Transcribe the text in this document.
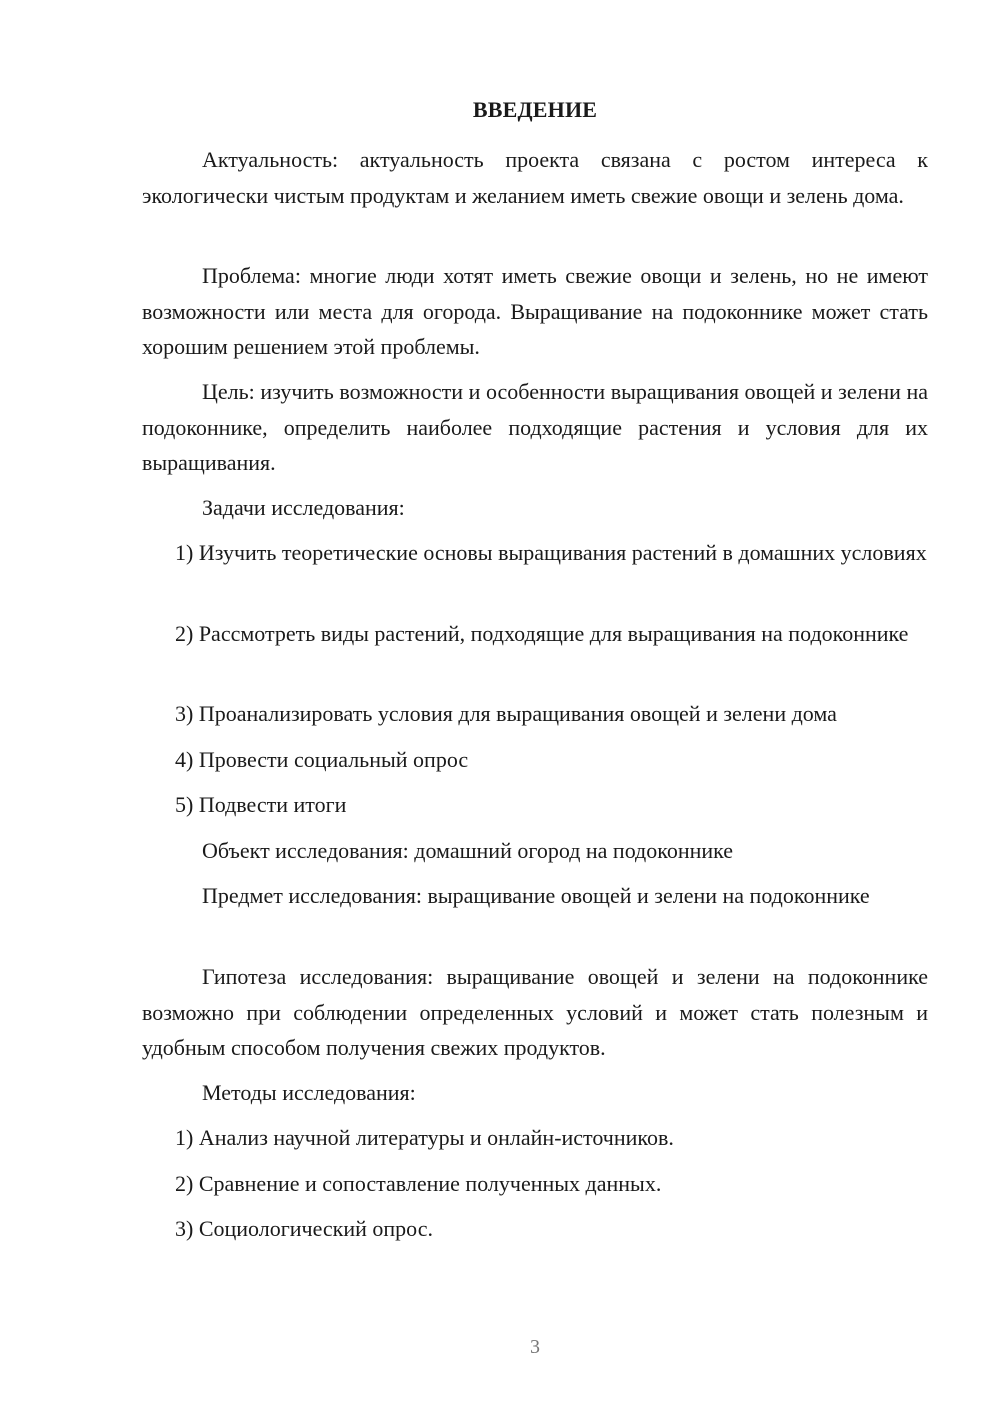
ВВЕДЕНИЕ
Актуальность: актуальность проекта связана с ростом интереса к экологически чистым продуктам и желанием иметь свежие овощи и зелень дома.
Проблема: многие люди хотят иметь свежие овощи и зелень, но не имеют возможности или места для огорода. Выращивание на подоконнике может стать хорошим решением этой проблемы.
Цель: изучить возможности и особенности выращивания овощей и зелени на подоконнике, определить наиболее подходящие растения и условия для их выращивания.
Задачи исследования:
1) Изучить теоретические основы выращивания растений в домашних условиях
2) Рассмотреть виды растений, подходящие для выращивания на подоконнике
3) Проанализировать условия для выращивания овощей и зелени дома
4) Провести социальный опрос
5) Подвести итоги
Объект исследования: домашний огород на подоконнике
Предмет исследования: выращивание овощей и зелени на подоконнике
Гипотеза исследования: выращивание овощей и зелени на подоконнике возможно при соблюдении определенных условий и может стать полезным и удобным способом получения свежих продуктов.
Методы исследования:
1) Анализ научной литературы и онлайн-источников.
2) Сравнение и сопоставление полученных данных.
3) Социологический опрос.
3
